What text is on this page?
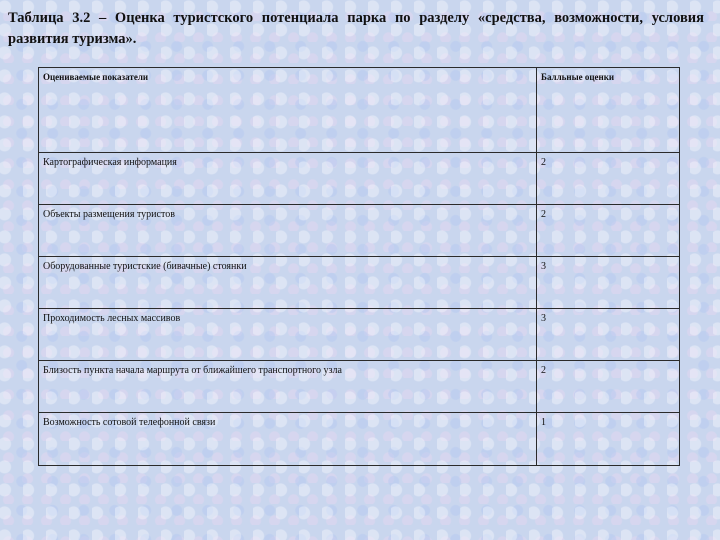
Таблица 3.2 – Оценка туристского потенциала парка по разделу «средства, возможности, условия развития туризма».
Оцениваемые показатели	Балльные оценки
Картографическая информация	2
Объекты размещения туристов	2
Оборудованные туристские (бивачные) стоянки	3
Проходимость лесных массивов	3
Близость пункта начала маршрута от ближайшего транспортного узла	2
Возможность сотовой телефонной связи	1
